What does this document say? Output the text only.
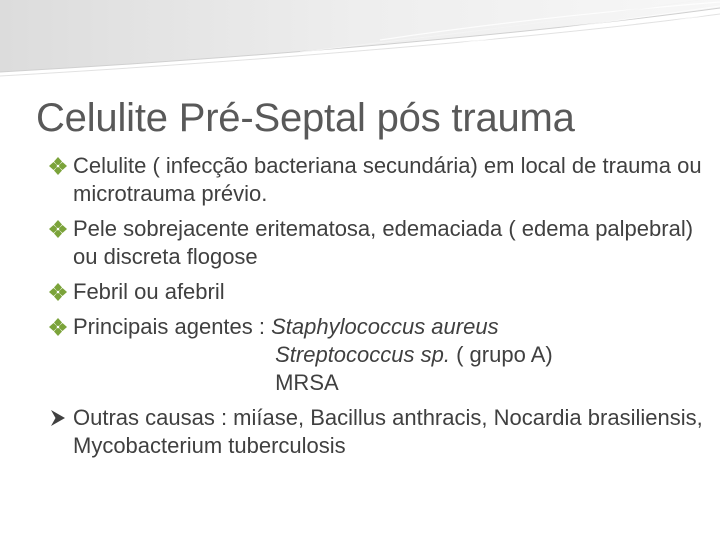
Celulite Pré-Septal pós trauma
Celulite ( infecção bacteriana secundária) em local de trauma ou microtrauma prévio.
Pele sobrejacente eritematosa, edemaciada ( edema palpebral) ou discreta flogose
Febril ou afebril
Principais agentes : Staphylococcus aureus
Streptococcus sp. ( grupo A)
MRSA
Outras causas : miíase, Bacillus anthracis, Nocardia brasiliensis, Mycobacterium tuberculosis
